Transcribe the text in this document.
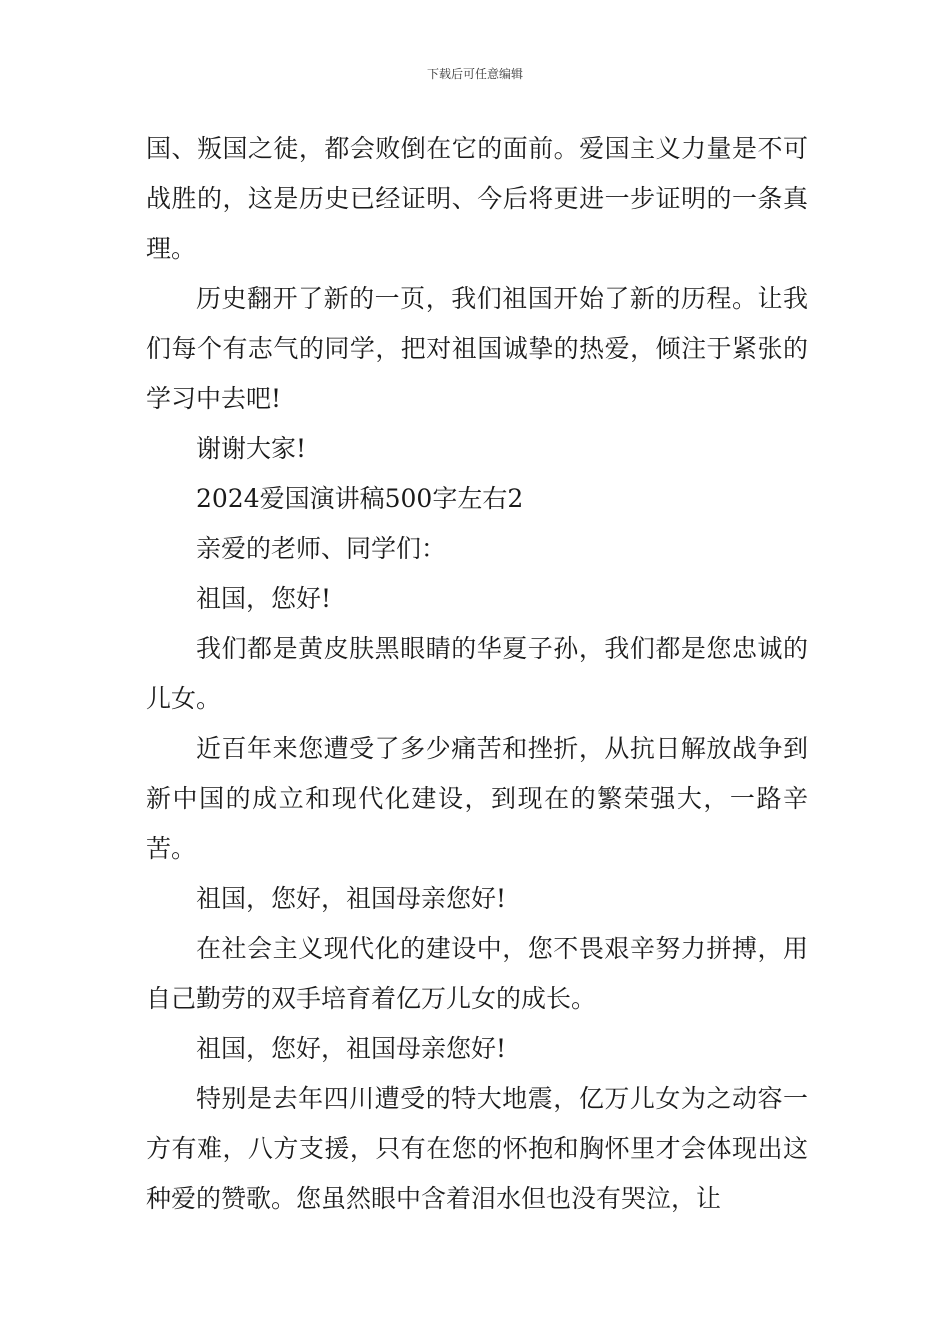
下载后可任意编辑

国、叛国之徒，都会败倒在它的面前。爱国主义力量是不可战胜的，这是历史已经证明、今后将更进一步证明的一条真理。

历史翻开了新的一页，我们祖国开始了新的历程。让我们每个有志气的同学，把对祖国诚挚的热爱，倾注于紧张的学习中去吧!

谢谢大家!

2024爱国演讲稿500字左右2

亲爱的老师、同学们：

祖国，您好!

我们都是黄皮肤黑眼睛的华夏子孙，我们都是您忠诚的儿女。

近百年来您遭受了多少痛苦和挫折，从抗日解放战争到新中国的成立和现代化建设，到现在的繁荣强大，一路辛苦。

祖国，您好，祖国母亲您好!

在社会主义现代化的建设中，您不畏艰辛努力拼搏，用自己勤劳的双手培育着亿万儿女的成长。

祖国，您好，祖国母亲您好!

特别是去年四川遭受的特大地震，亿万儿女为之动容一方有难，八方支援，只有在您的怀抱和胸怀里才会体现出这种爱的赞歌。您虽然眼中含着泪水但也没有哭泣，让
